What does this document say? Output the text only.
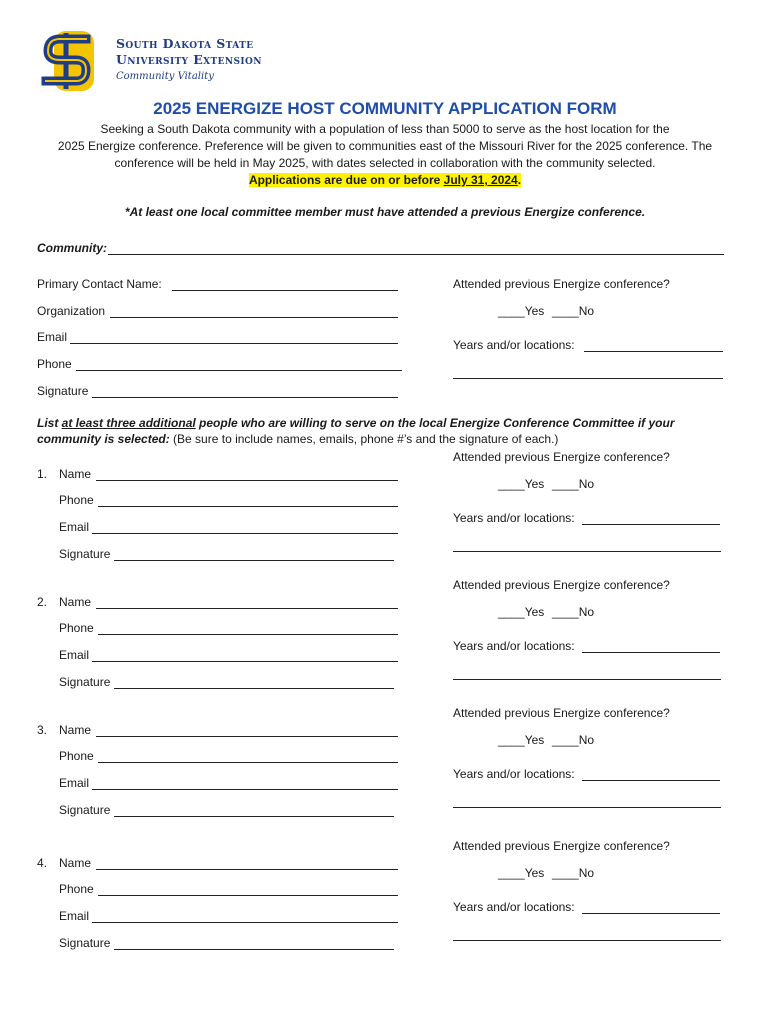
South Dakota State
University Extension
Community Vitality
2025 ENERGIZE HOST COMMUNITY APPLICATION FORM
Seeking a South Dakota community with a population of less than 5000 to serve as the host location for the
2025 Energize conference. Preference will be given to communities east of the Missouri River for the 2025 conference. The
conference will be held in May 2025, with dates selected in collaboration with the community selected.
Applications are due on or before July 31, 2024.
*At least one local committee member must have attended a previous Energize conference.
Community:
Primary Contact Name:
Organization
Email
Phone
Signature
Attended previous Energize conference?
____Yes ____No
Years and/or locations:
List at least three additional people who are willing to serve on the local Energize Conference Committee if your
community is selected: (Be sure to include names, emails, phone #’s and the signature of each.)
Attended previous Energize conference?
____Yes ____No
Years and/or locations:
1. Name
Phone
Email
Signature
Attended previous Energize conference?
____Yes ____No
Years and/or locations:
2. Name
Phone
Email
Signature
Attended previous Energize conference?
____Yes ____No
Years and/or locations:
3. Name
Phone
Email
Signature
Attended previous Energize conference?
____Yes ____No
Years and/or locations:
4. Name
Phone
Email
Signature
